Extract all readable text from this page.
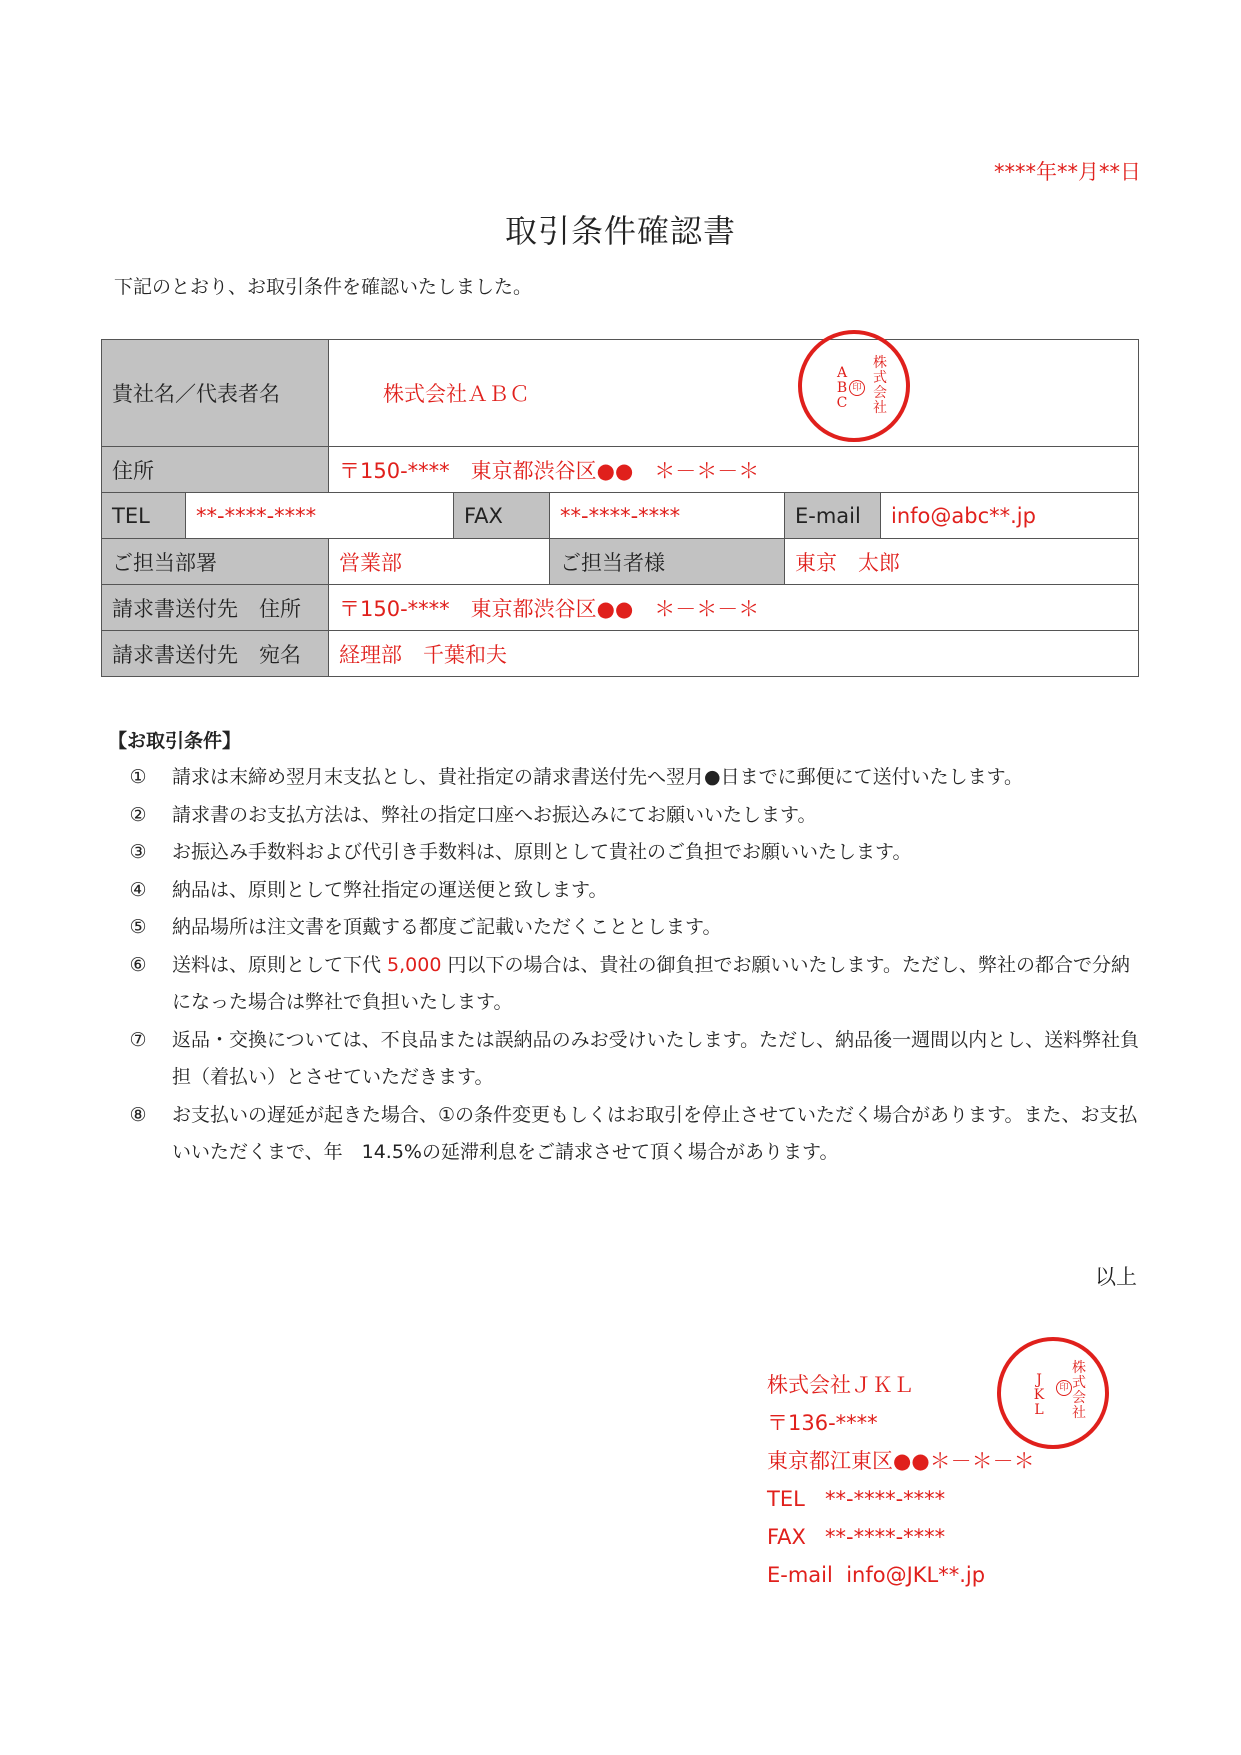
****年**月**日
取引条件確認書
下記のとおり、お取引条件を確認いたしました。
貴社名／代表者名		株式会社ＡＢＣ				
住所		〒150-****　東京都渋谷区●●　＊－＊－＊				
TEL	**-****-****		FAX	**-****-****	E-mail	info@abc**.jp
ご担当部署		営業部		ご担当者様	東京　太郎	
請求書送付先　住所		〒150-****　東京都渋谷区●●　＊－＊－＊				
請求書送付先　宛名		経理部　千葉和夫				
ABC
株式会社
印
【お取引条件】
①	請求は末締め翌月末支払とし、貴社指定の請求書送付先へ翌月●日までに郵便にて送付いたします。
②	請求書のお支払方法は、弊社の指定口座へお振込みにてお願いいたします。
③	お振込み手数料および代引き手数料は、原則として貴社のご負担でお願いいたします。
④	納品は、原則として弊社指定の運送便と致します。
⑤	納品場所は注文書を頂戴する都度ご記載いただくこととします。
⑥	送料は、原則として下代 5,000 円以下の場合は、貴社の御負担でお願いいたします。ただし、弊社の都合で分納になった場合は弊社で負担いたします。
⑦	返品・交換については、不良品または誤納品のみお受けいたします。ただし、納品後一週間以内とし、送料弊社負担（着払い）とさせていただきます。
⑧	お支払いの遅延が起きた場合、①の条件変更もしくはお取引を停止させていただく場合があります。また、お支払いいただくまで、年　14.5%の延滞利息をご請求させて頂く場合があります。
以上
株式会社ＪＫＬ
〒136-****
東京都江東区●●＊－＊－＊
TEL **-****-****
FAX **-****-****
E-mail info@JKL**.jp
JKL
株式会社
印
